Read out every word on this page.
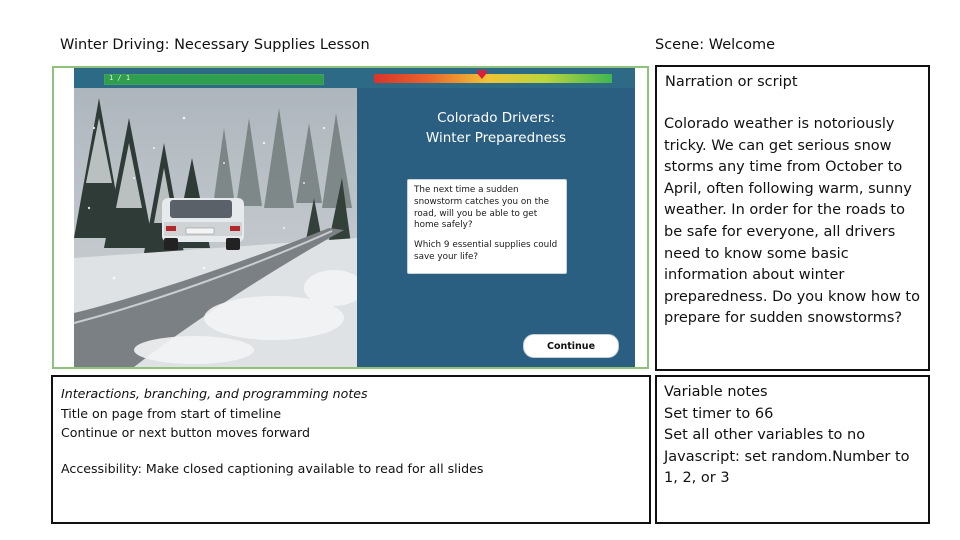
Winter Driving: Necessary Supplies Lesson	Scene: Welcome
1 / 1	♥
Colorado Drivers:
Winter Preparedness

The next time a sudden snowstorm catches you on the road, will you be able to get home safely?

Which 9 essential supplies could save your life?

Continue
Narration or script
Colorado weather is notoriously tricky. We can get serious snow storms any time from October to April, often following warm, sunny weather. In order for the roads to be safe for everyone, all drivers need to know some basic information about winter preparedness. Do you know how to prepare for sudden snowstorms?
Interactions, branching, and programming notes
Title on page from start of timeline
Continue or next button moves forward
Accessibility: Make closed captioning available to read for all slides
Variable notes
Set timer to 66
Set all other variables to no
Javascript: set random.Number to 1, 2, or 3
